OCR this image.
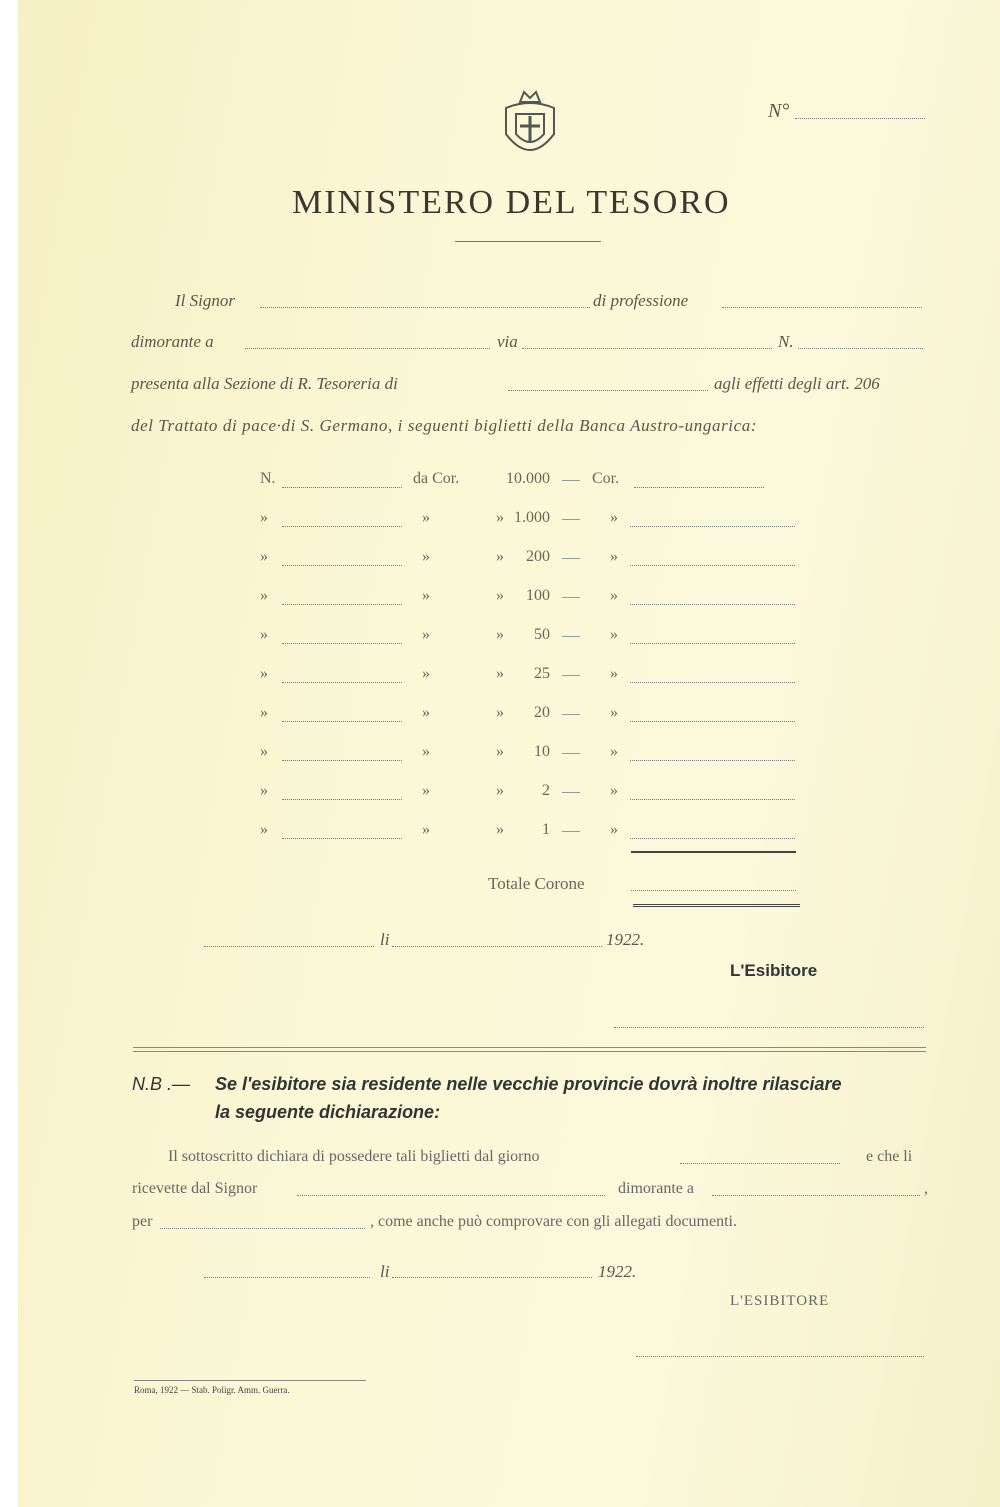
N°
MINISTERO DEL TESORO
Il Signor	di professione
dimorante a	via	N.
presenta alla Sezione di R. Tesoreria di	agli effetti degli art. 206
del Trattato di pace·di S. Germano, i seguenti biglietti della Banca Austro-ungarica:
N.	da Cor.	10.000	Cor.
»	»   » 1.000	»
»	»   »	200	»
»	»   »	100	»
»	»   »	50	»
»	»   »	25	»
»	»   »	20	»
»	»   »	10	»
»	»   »	2	»
»	»   »	1	»
Totale Corone
li	1922.
L'Esibitore
N.B .— Se l'esibitore sia residente nelle vecchie provincie dovrà inoltre rilasciare
la seguente dichiarazione:
Il sottoscritto dichiara di possedere tali biglietti dal giorno	e che li
ricevette dal Signor	dimorante a	,
per	, come anche può comprovare con gli allegati documenti.
li	1922.
L'ESIBITORE
Roma, 1922 — Stab. Poligr. Amm. Guerra.
